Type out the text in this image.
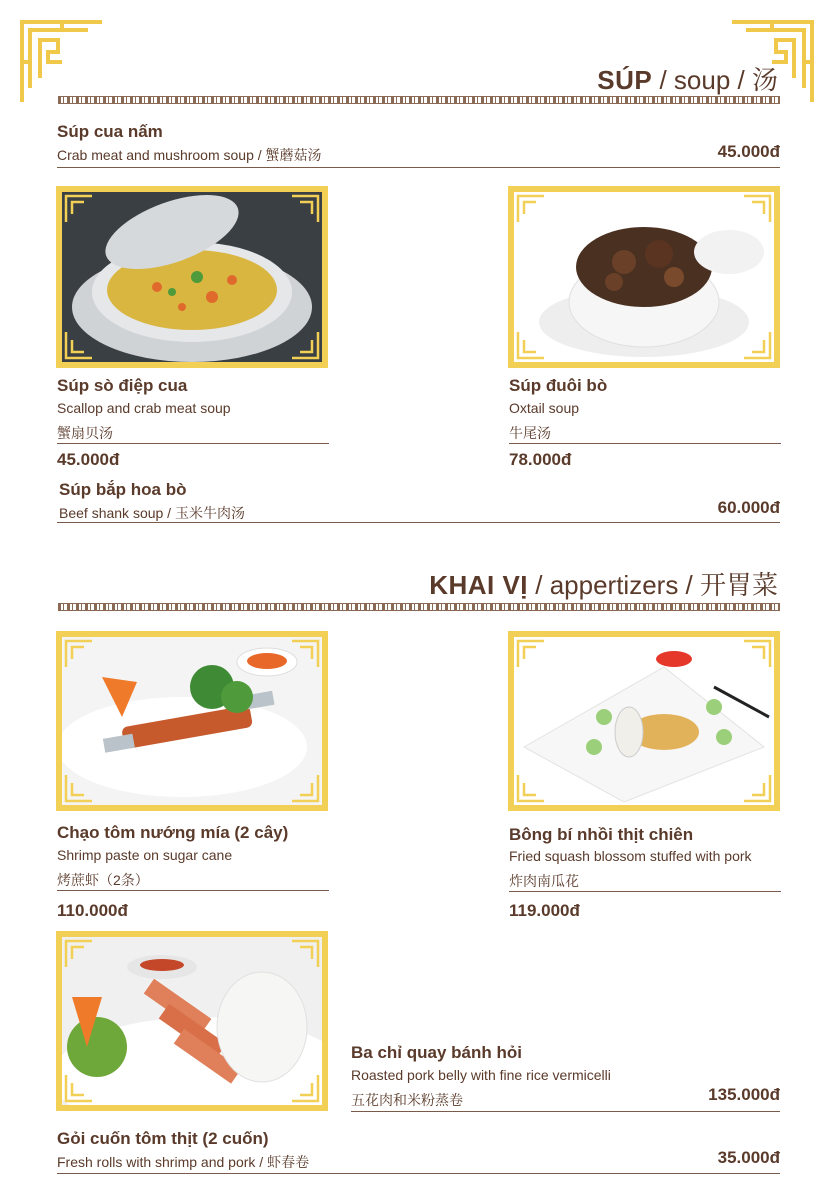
SÚP / soup / 汤
Súp cua nấm
Crab meat and mushroom soup / 蟹蘑菇汤	45.000đ
Súp sò điệp cua
Scallop and crab meat soup
蟹扇贝汤
45.000đ
Súp đuôi bò
Oxtail soup
牛尾汤
78.000đ
Súp bắp hoa bò
Beef shank soup / 玉米牛肉汤	60.000đ
KHAI VỊ / appertizers / 开胃菜
Chạo tôm nướng mía (2 cây)
Shrimp paste on sugar cane
烤蔗虾（2条）
110.000đ
Bông bí nhồi thịt chiên
Fried squash blossom stuffed with pork
炸肉南瓜花
119.000đ
Ba chỉ quay bánh hỏi
Roasted pork belly with fine rice vermicelli
五花肉和米粉蒸卷	135.000đ
Gỏi cuốn tôm thịt (2 cuốn)
Fresh rolls with shrimp and pork / 虾春卷	35.000đ
